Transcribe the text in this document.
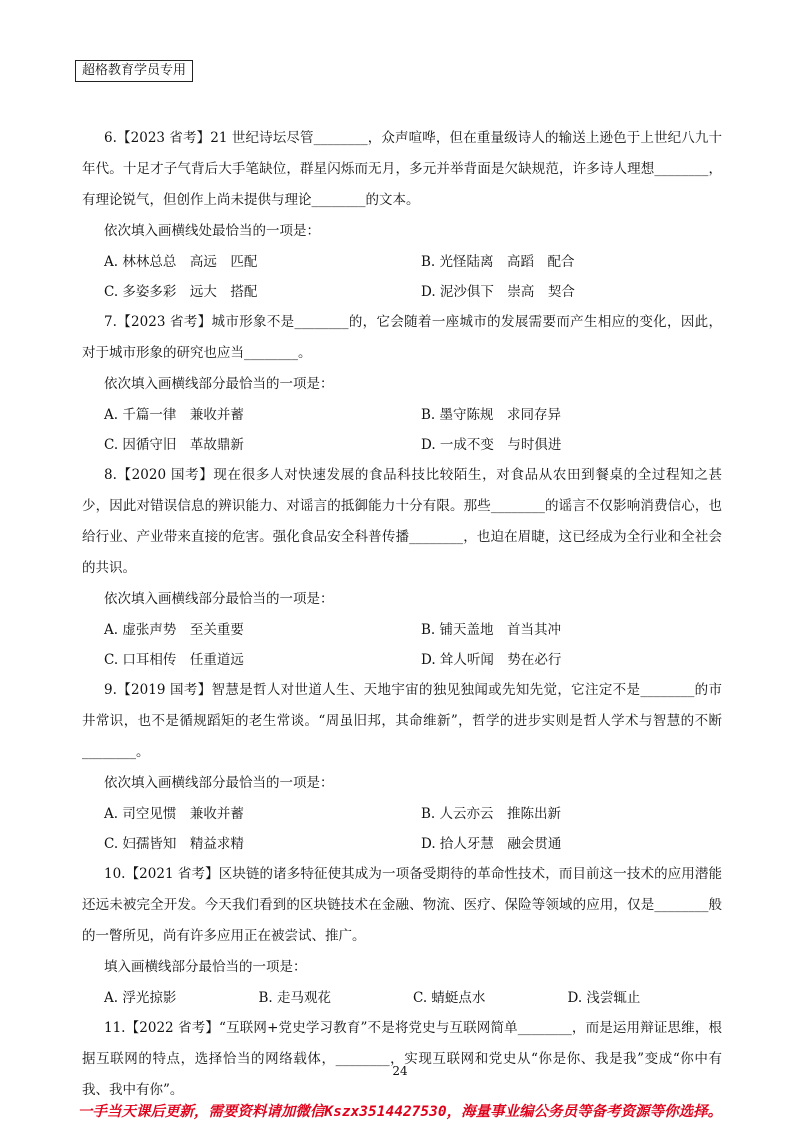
超格教育学员专用

6.【2023 省考】21 世纪诗坛尽管________，众声喧哗，但在重量级诗人的输送上逊色于上世纪八九十年代。十足才子气背后大手笔缺位，群星闪烁而无月，多元并举背面是欠缺规范，许多诗人理想________，有理论锐气，但创作上尚未提供与理论________的文本。

依次填入画横线处最恰当的一项是：

A. 林林总总　高远　匹配	B. 光怪陆离　高蹈　配合
C. 多姿多彩　远大　搭配	D. 泥沙俱下　崇高　契合

7.【2023 省考】城市形象不是________的，它会随着一座城市的发展需要而产生相应的变化，因此，对于城市形象的研究也应当________。

依次填入画横线部分最恰当的一项是：

A. 千篇一律　兼收并蓄	B. 墨守陈规　求同存异
C. 因循守旧　革故鼎新	D. 一成不变　与时俱进

8.【2020 国考】现在很多人对快速发展的食品科技比较陌生，对食品从农田到餐桌的全过程知之甚少，因此对错误信息的辨识能力、对谣言的抵御能力十分有限。那些________的谣言不仅影响消费信心，也给行业、产业带来直接的危害。强化食品安全科普传播________，也迫在眉睫，这已经成为全行业和全社会的共识。

依次填入画横线部分最恰当的一项是：

A. 虚张声势　至关重要	B. 铺天盖地　首当其冲
C. 口耳相传　任重道远	D. 耸人听闻　势在必行

9.【2019 国考】智慧是哲人对世道人生、天地宇宙的独见独闻或先知先觉，它注定不是________的市井常识，也不是循规蹈矩的老生常谈。“周虽旧邦，其命维新”，哲学的进步实则是哲人学术与智慧的不断________。

依次填入画横线部分最恰当的一项是：

A. 司空见惯　兼收并蓄	B. 人云亦云　推陈出新
C. 妇孺皆知　精益求精	D. 拾人牙慧　融会贯通

10.【2021 省考】区块链的诸多特征使其成为一项备受期待的革命性技术，而目前这一技术的应用潜能还远未被完全开发。今天我们看到的区块链技术在金融、物流、医疗、保险等领域的应用，仅是________般的一瞥所见，尚有许多应用正在被尝试、推广。

填入画横线部分最恰当的一项是：

A. 浮光掠影	B. 走马观花	C. 蜻蜓点水	D. 浅尝辄止

11.【2022 省考】“互联网+党史学习教育”不是将党史与互联网简单________，而是运用辩证思维，根据互联网的特点，选择恰当的网络载体，________，实现互联网和党史从“你是你、我是我”变成“你中有我、我中有你”。

24
一手当天课后更新，需要资料请加微信Kszx3514427530，海量事业编公务员等备考资源等你选择。
